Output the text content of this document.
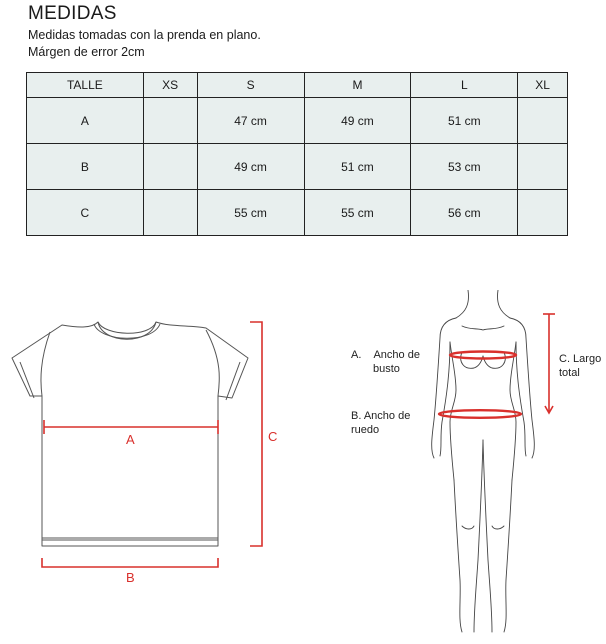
MEDIDAS
Medidas tomadas con la prenda en plano.
Márgen de error 2cm
TALLE	XS	S	M	L	XL
A		47 cm	49 cm	51 cm	
B		49 cm	51 cm	53 cm	
C		55 cm	55 cm	56 cm	
A
B
C
A. Ancho de
busto
B. Ancho de
ruedo
C. Largo
total
